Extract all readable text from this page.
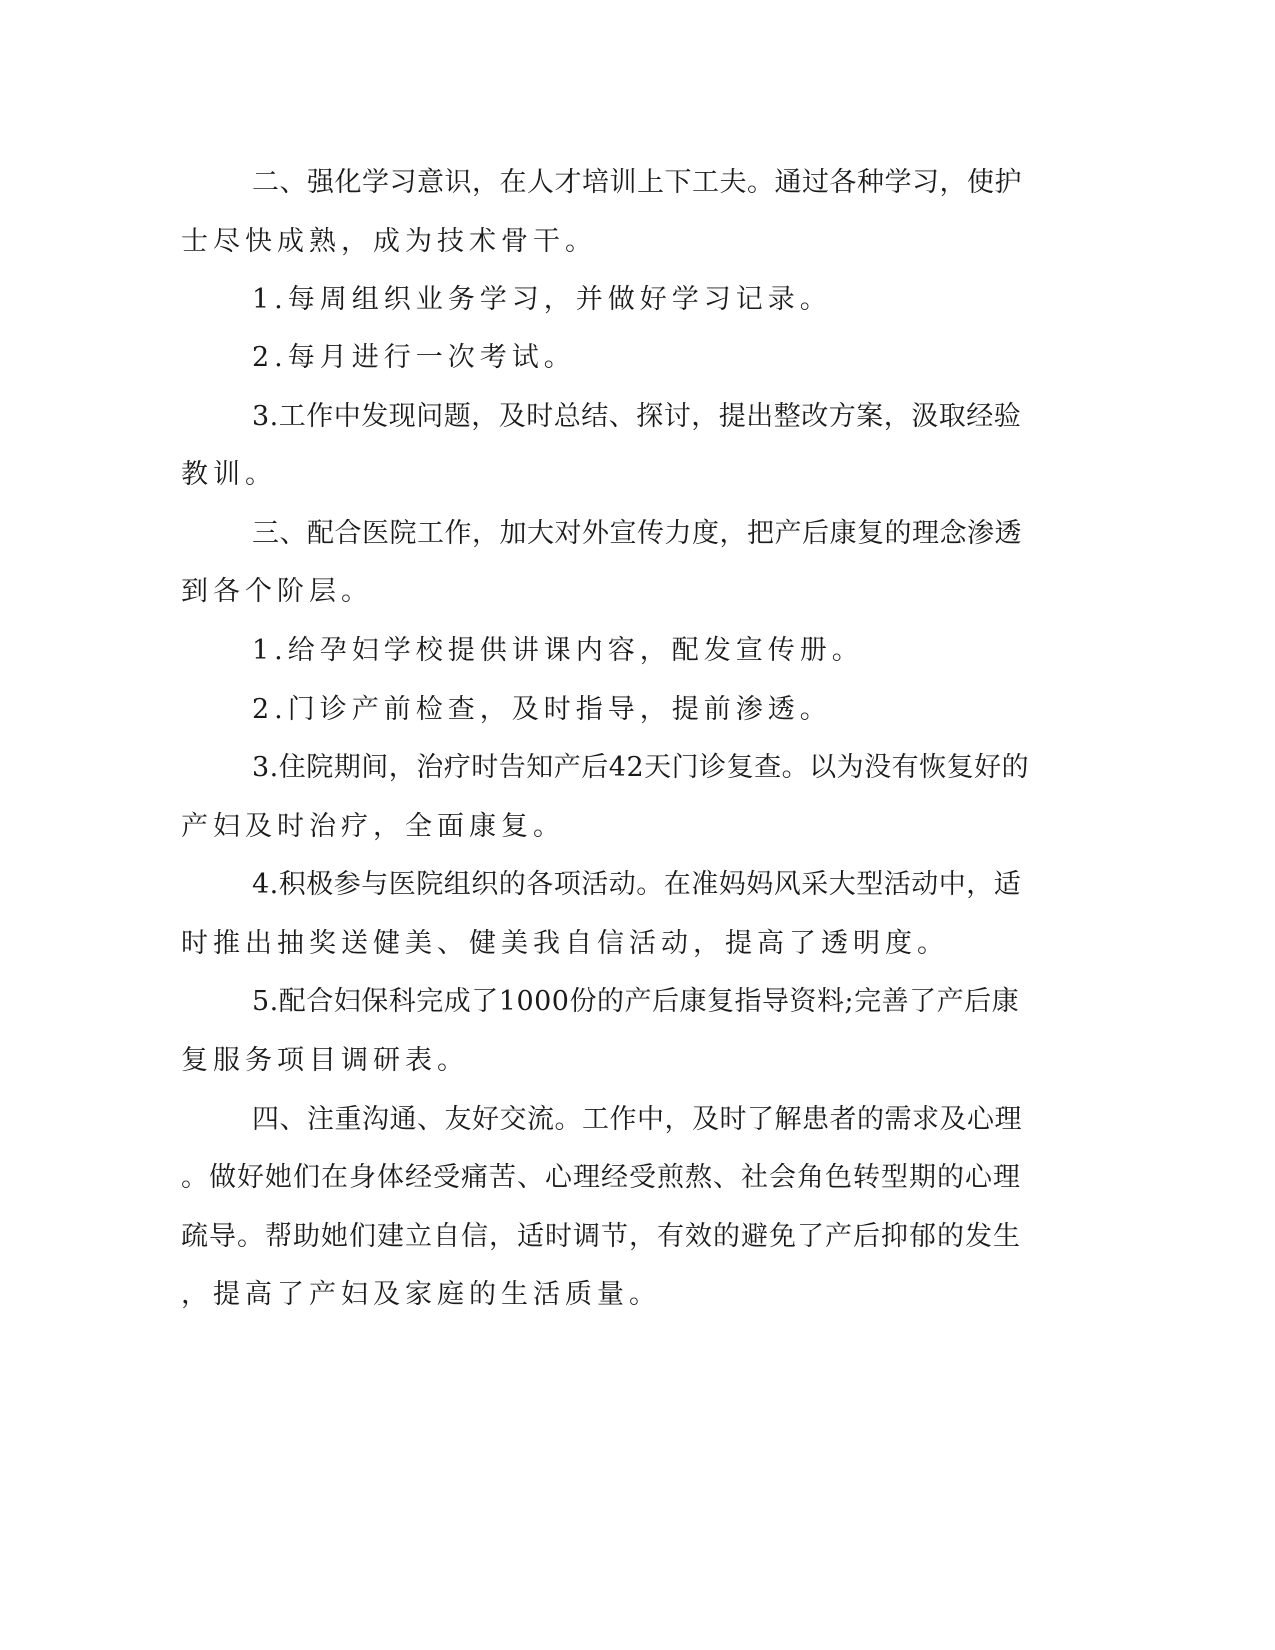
二、强化学习意识，在人才培训上下工夫。通过各种学习，使护
士尽快成熟，成为技术骨干。
1.每周组织业务学习，并做好学习记录。
2.每月进行一次考试。
3.工作中发现问题，及时总结、探讨，提出整改方案，汲取经验
教训。
三、配合医院工作，加大对外宣传力度，把产后康复的理念渗透
到各个阶层。
1.给孕妇学校提供讲课内容，配发宣传册。
2.门诊产前检查，及时指导，提前渗透。
3.住院期间，治疗时告知产后42天门诊复查。以为没有恢复好的
产妇及时治疗，全面康复。
4.积极参与医院组织的各项活动。在准妈妈风采大型活动中，适
时推出抽奖送健美、健美我自信活动，提高了透明度。
5.配合妇保科完成了1000份的产后康复指导资料;完善了产后康
复服务项目调研表。
四、注重沟通、友好交流。工作中，及时了解患者的需求及心理
。做好她们在身体经受痛苦、心理经受煎熬、社会角色转型期的心理
疏导。帮助她们建立自信，适时调节，有效的避免了产后抑郁的发生
，提高了产妇及家庭的生活质量。
